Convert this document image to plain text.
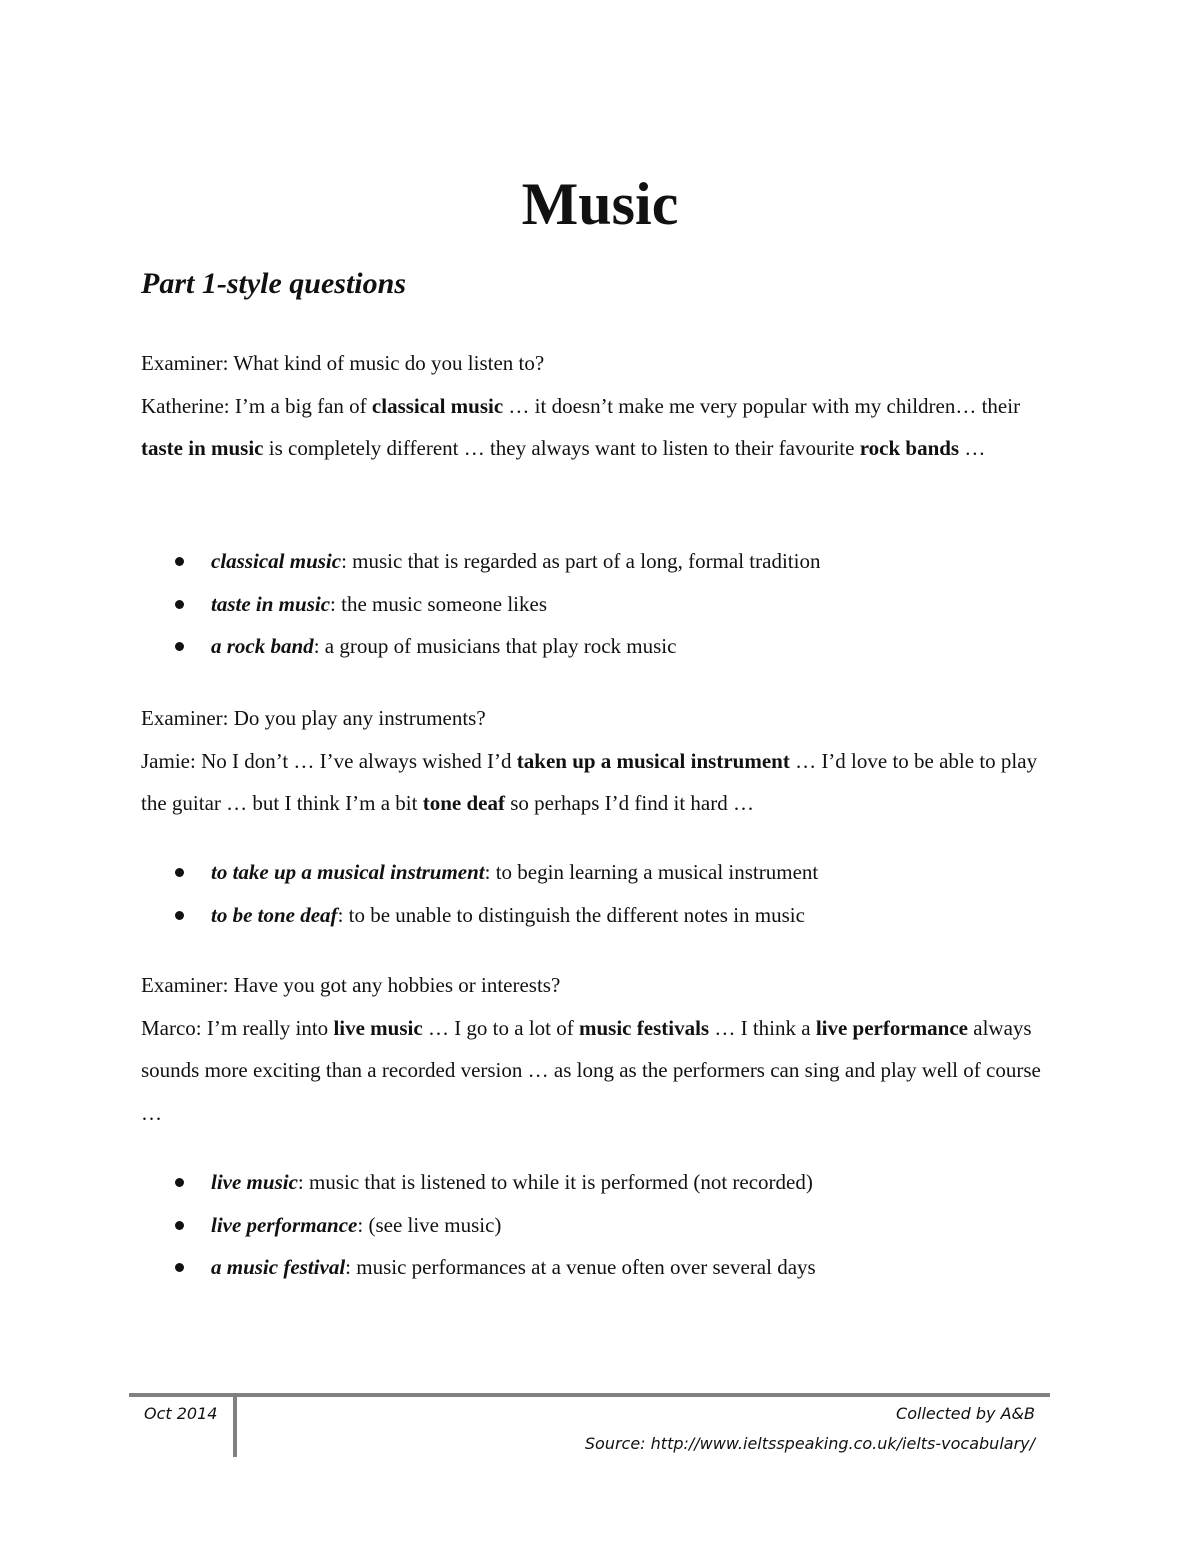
Music
Part 1-style questions

Examiner: What kind of music do you listen to?

Katherine: I’m a big fan of classical music … it doesn’t make me very popular with my children… their taste in music is completely different … they always want to listen to their favourite rock bands …

classical music: music that is regarded as part of a long, formal tradition
taste in music: the music someone likes
a rock band: a group of musicians that play rock music

Examiner: Do you play any instruments?

Jamie: No I don’t … I’ve always wished I’d taken up a musical instrument … I’d love to be able to play the guitar … but I think I’m a bit tone deaf so perhaps I’d find it hard …

to take up a musical instrument: to begin learning a musical instrument
to be tone deaf: to be unable to distinguish the different notes in music

Examiner: Have you got any hobbies or interests?

Marco: I’m really into live music … I go to a lot of music festivals … I think a live performance always sounds more exciting than a recorded version … as long as the performers can sing and play well of course …

live music: music that is listened to while it is performed (not recorded)
live performance: (see live music)
a music festival: music performances at a venue often over several days
Oct 2014	Collected by A&B
Source: http://www.ieltsspeaking.co.uk/ielts-vocabulary/
